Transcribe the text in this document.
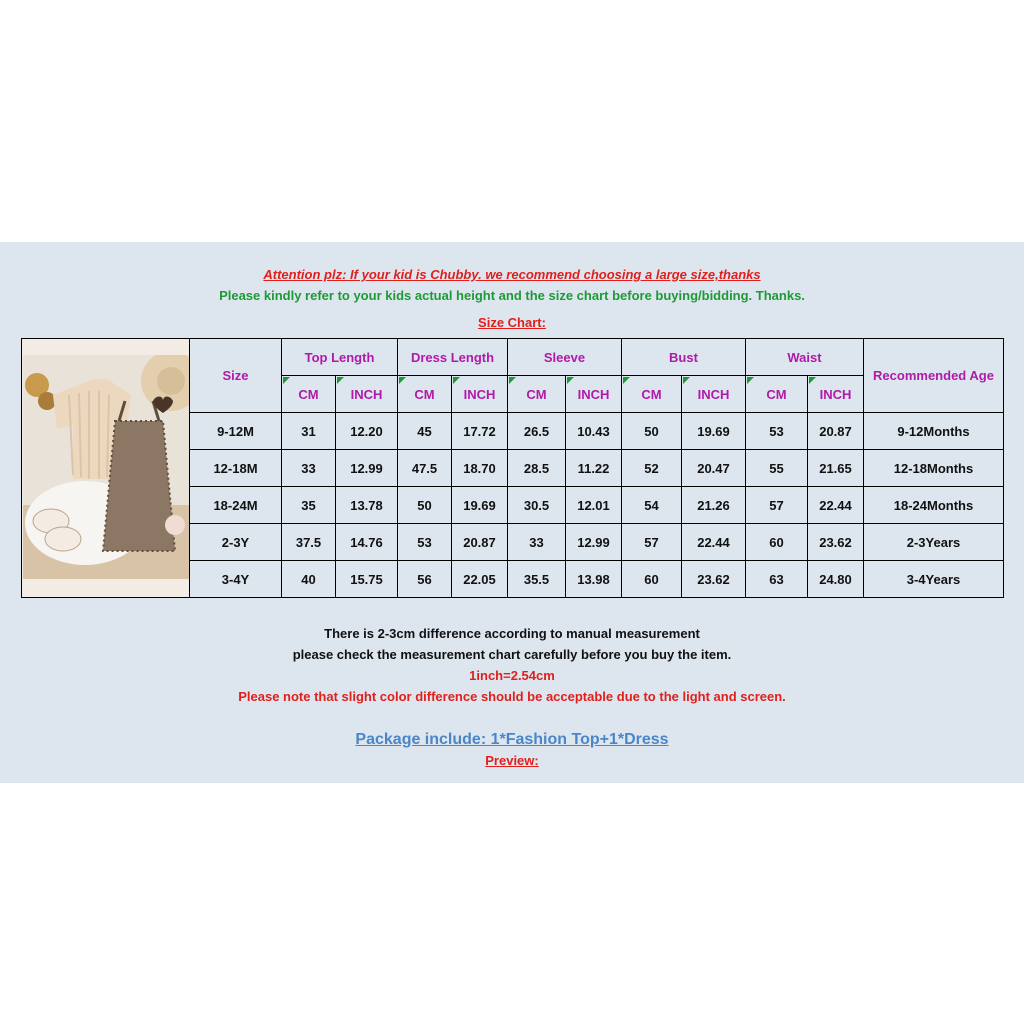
Attention plz: If your kid is Chubby. we recommend choosing a large size,thanks
Please kindly refer to your kids actual height and the size chart before buying/bidding. Thanks.
Size Chart:
	Size	Top Length		Dress Length		Sleeve		Bust		Waist		Recommended Age
		CM	INCH	CM	INCH	CM	INCH	CM	INCH	CM	INCH	
	9-12M	31	12.20	45	17.72	26.5	10.43	50	19.69	53	20.87	9-12Months
	12-18M	33	12.99	47.5	18.70	28.5	11.22	52	20.47	55	21.65	12-18Months
	18-24M	35	13.78	50	19.69	30.5	12.01	54	21.26	57	22.44	18-24Months
	2-3Y	37.5	14.76	53	20.87	33	12.99	57	22.44	60	23.62	2-3Years
	3-4Y	40	15.75	56	22.05	35.5	13.98	60	23.62	63	24.80	3-4Years
There is 2-3cm difference according to manual measurement
please check the measurement chart carefully before you buy the item.
1inch=2.54cm
Please note that slight color difference should be acceptable due to the light and screen.
Package include: 1*Fashion Top+1*Dress
Preview:
